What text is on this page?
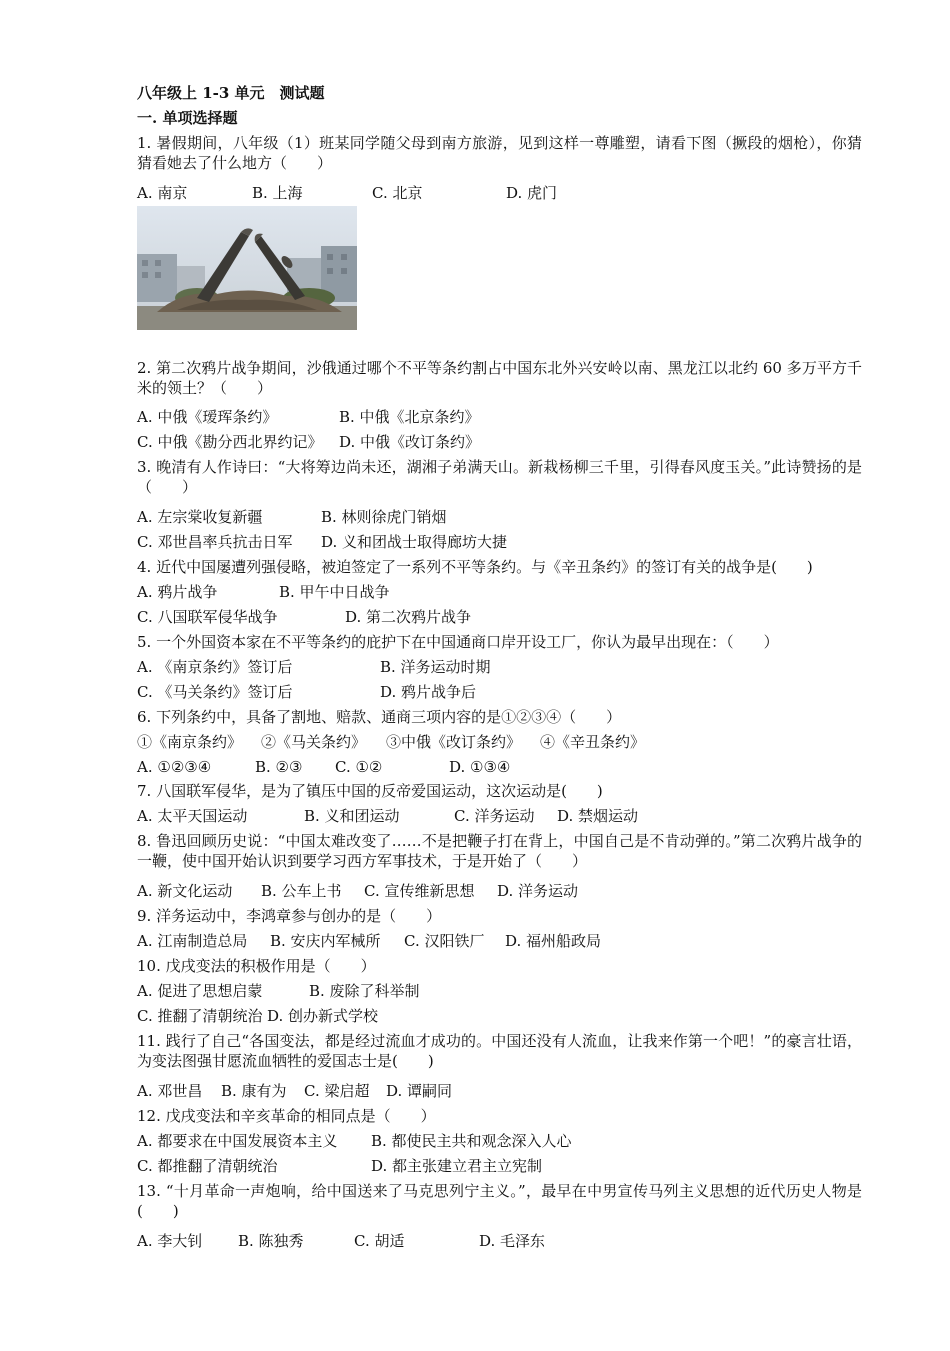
八年级上 1-3 单元　测试题
一. 单项选择题
1. 暑假期间，八年级（1）班某同学随父母到南方旅游，见到这样一尊雕塑，请看下图（撅段的烟枪），你猜猜看她去了什么地方（　　）

A. 南京

	B. 上海

	C. 北京

	D. 虎门

2. 第二次鸦片战争期间，沙俄通过哪个不平等条约割占中国东北外兴安岭以南、黑龙江以北约 60 多万平方千米的领土？（　　）

A. 中俄《瑷珲条约》

	B. 中俄《北京条约》

C. 中俄《勘分西北界约记》

D. 中俄《改订条约》

3. 晚清有人作诗曰：“大将筹边尚未还，湖湘子弟满天山。新栽杨柳三千里，引得春风度玉关。”此诗赞扬的是（　　）

A. 左宗棠收复新疆

	B. 林则徐虎门销烟

C. 邓世昌率兵抗击日军

D. 义和团战士取得廊坊大捷

4. 近代中国屡遭列强侵略，被迫签定了一系列不平等条约。与《辛丑条约》的签订有关的战争是(　　)

A. 鸦片战争

	B. 甲午中日战争

C. 八国联军侵华战争

	D. 第二次鸦片战争

5. 一个外国资本家在不平等条约的庇护下在中国通商口岸开设工厂，你认为最早出现在：（　　）

A. 《南京条约》签订后

	B. 洋务运动时期

C. 《马关条约》签订后

	D. 鸦片战争后

6. 下列条约中，具备了割地、赔款、通商三项内容的是①②③④（　　）

①《南京条约》

②《马关条约》

③中俄《改订条约》

④《辛丑条约》

A. ①②③④

	B. ②③

C. ①②

	D. ①③④

7. 八国联军侵华，是为了镇压中国的反帝爱国运动，这次运动是(　　)

A. 太平天国运动

	B. 义和团运动

	C. 洋务运动

D. 禁烟运动

8. 鲁迅回顾历史说：“中国太难改变了……不是把鞭子打在背上，中国自己是不肯动弹的。”第二次鸦片战争的一鞭，使中国开始认识到要学习西方军事技术，于是开始了（　　）

A. 新文化运动

B. 公车上书

C. 宣传维新思想

D. 洋务运动

9. 洋务运动中，李鸿章参与创办的是（　　）

A. 江南制造总局

B. 安庆内军械所

C. 汉阳铁厂

D. 福州船政局

10. 戊戌变法的积极作用是（　　）

A. 促进了思想启蒙

	B. 废除了科举制

C. 推翻了清朝统治

D. 创办新式学校

11. 践行了自己“各国变法，都是经过流血才成功的。中国还没有人流血，让我来作第一个吧！”的豪言壮语，为变法图强甘愿流血牺牲的爱国志士是(　　)

A. 邓世昌

B. 康有为

C. 梁启超

D. 谭嗣同

12. 戊戌变法和辛亥革命的相同点是（　　）

A. 都要求在中国发展资本主义

B. 都使民主共和观念深入人心

C. 都推翻了清朝统治

	D. 都主张建立君主立宪制

13. “十月革命一声炮响，给中国送来了马克思列宁主义。”，最早在中男宣传马列主义思想的近代历史人物是(　　)

A. 李大钊

B. 陈独秀

	C. 胡适

	D. 毛泽东
